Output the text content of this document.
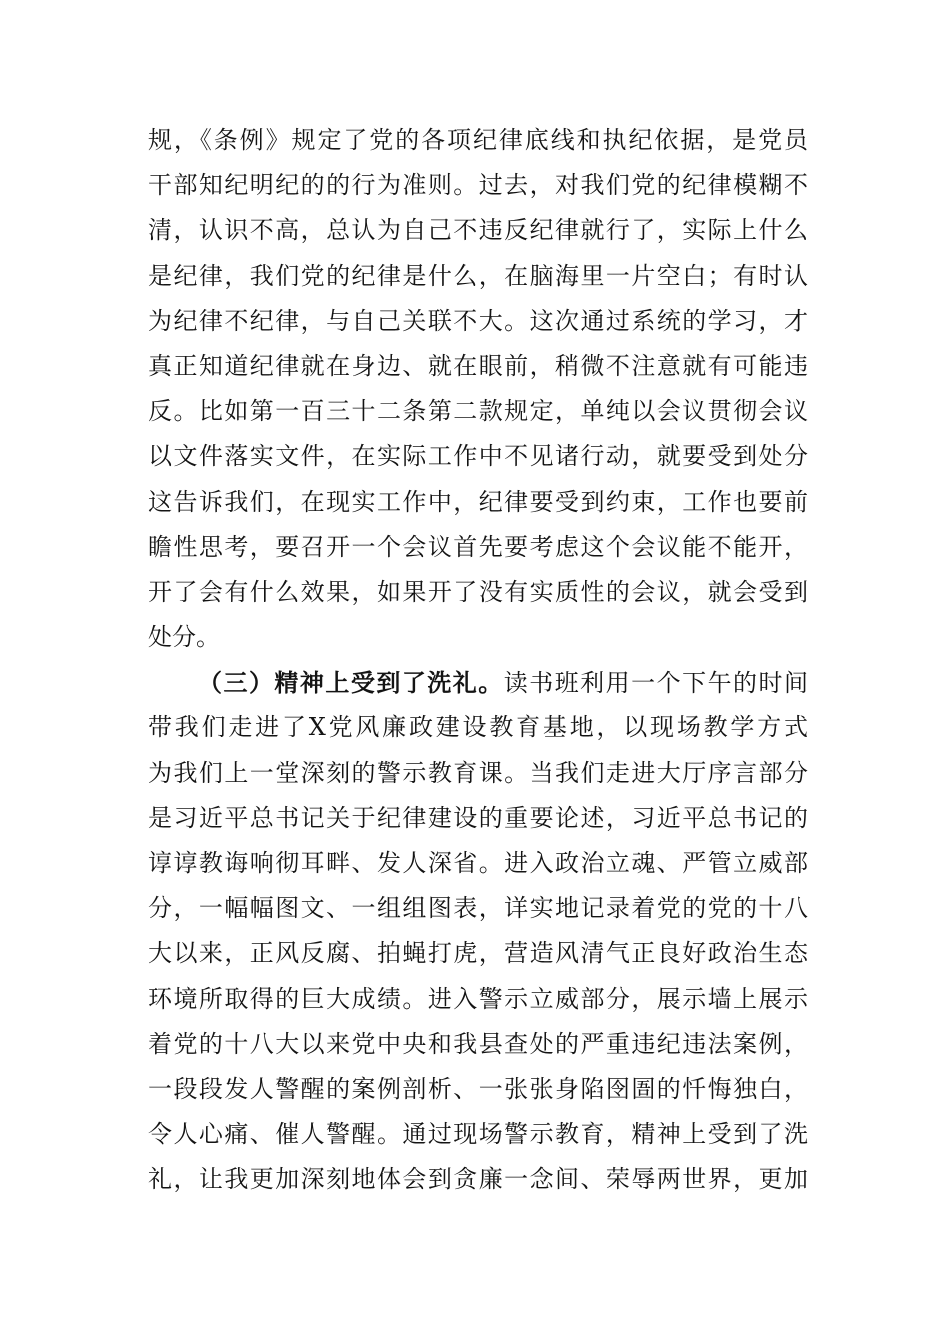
规，《条例》规定了党的各项纪律底线和执纪依据，是党员
干部知纪明纪的的行为准则。过去，对我们党的纪律模糊不
清，认识不高，总认为自己不违反纪律就行了，实际上什么
是纪律，我们党的纪律是什么，在脑海里一片空白；有时认
为纪律不纪律，与自己关联不大。这次通过系统的学习，才
真正知道纪律就在身边、就在眼前，稍微不注意就有可能违
反。比如第一百三十二条第二款规定，单纯以会议贯彻会议
以文件落实文件，在实际工作中不见诸行动，就要受到处分
这告诉我们，在现实工作中，纪律要受到约束，工作也要前
瞻性思考，要召开一个会议首先要考虑这个会议能不能开，
开了会有什么效果，如果开了没有实质性的会议，就会受到
处分。
（三）精神上受到了洗礼。读书班利用一个下午的时间
带我们走进了X党风廉政建设教育基地，以现场教学方式
为我们上一堂深刻的警示教育课。当我们走进大厅序言部分
是习近平总书记关于纪律建设的重要论述，习近平总书记的
谆谆教诲响彻耳畔、发人深省。进入政治立魂、严管立威部
分，一幅幅图文、一组组图表，详实地记录着党的党的十八
大以来，正风反腐、拍蝇打虎，营造风清气正良好政治生态
环境所取得的巨大成绩。进入警示立威部分，展示墙上展示
着党的十八大以来党中央和我县查处的严重违纪违法案例，
一段段发人警醒的案例剖析、一张张身陷囹圄的忏悔独白，
令人心痛、催人警醒。通过现场警示教育，精神上受到了洗
礼，让我更加深刻地体会到贪廉一念间、荣辱两世界，更加
